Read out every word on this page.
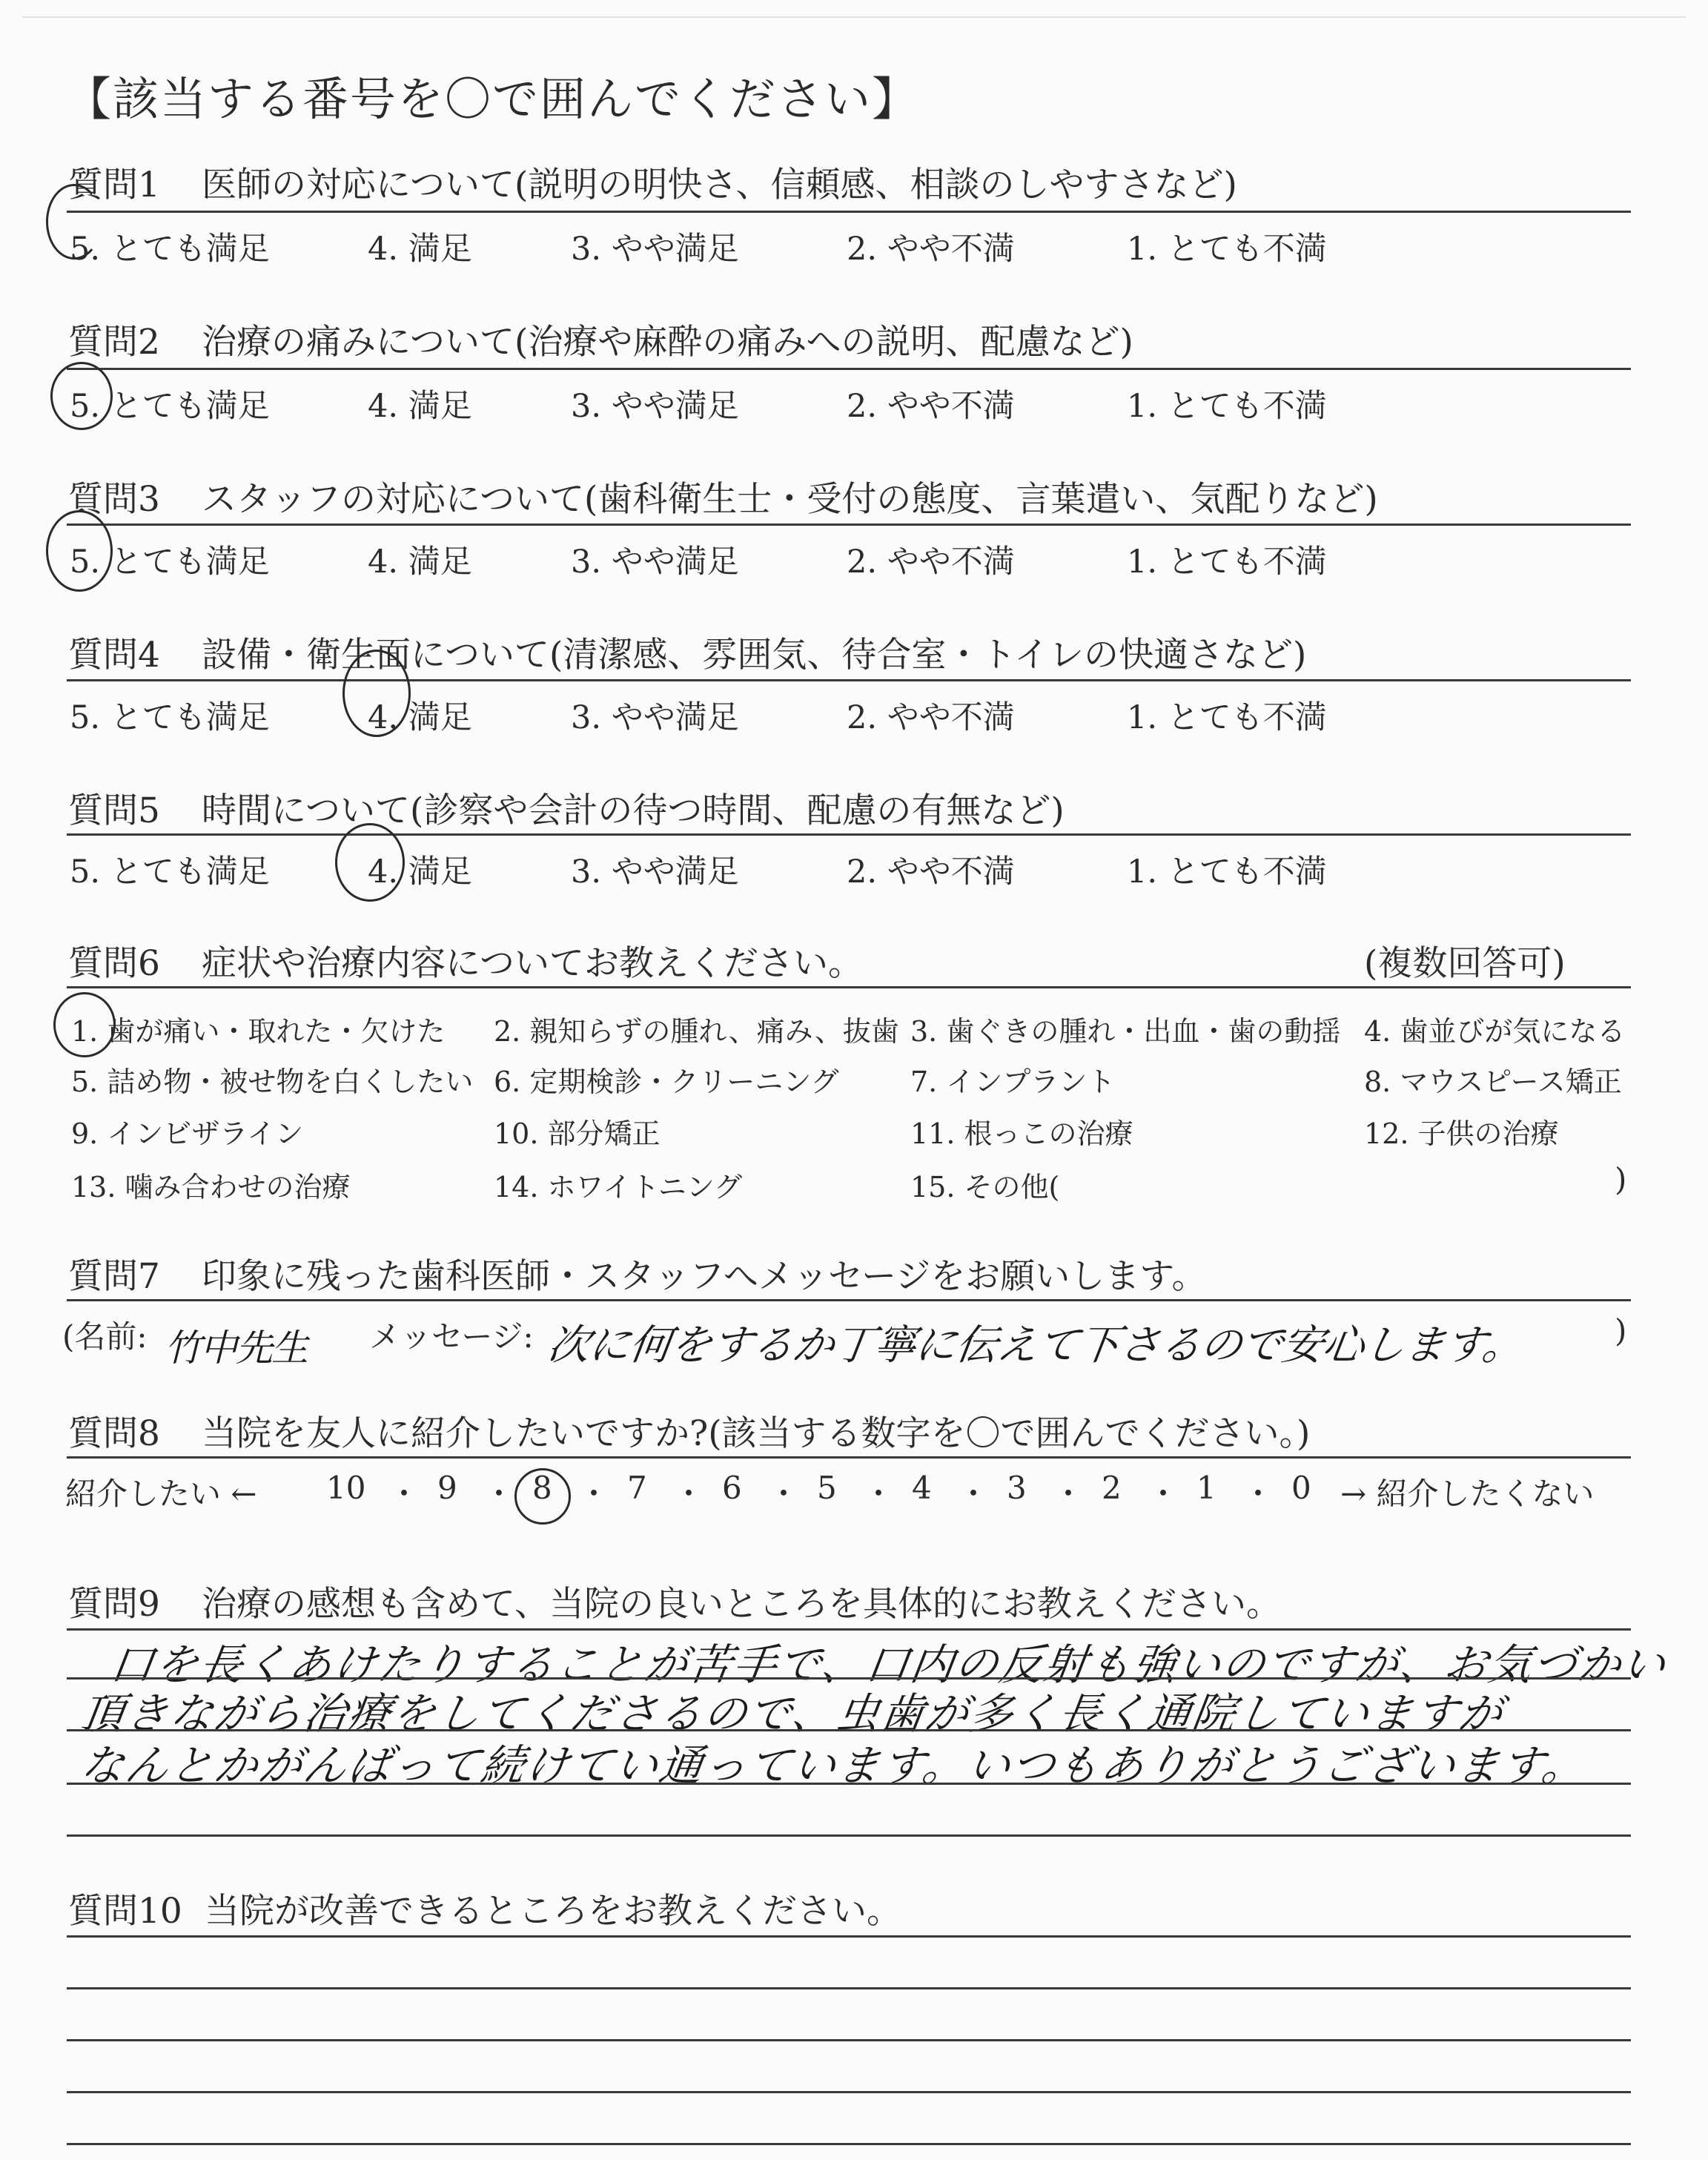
【該当する番号を〇で囲んでください】
質問1 医師の対応について(説明の明快さ、信頼感、相談のしやすさなど)
5. とても満足	4. 満足	3. やや満足	2. やや不満	1. とても不満
質問2 治療の痛みについて(治療や麻酔の痛みへの説明、配慮など)
5. とても満足	4. 満足	3. やや満足	2. やや不満	1. とても不満
質問3 スタッフの対応について(歯科衛生士・受付の態度、言葉遣い、気配りなど)
5. とても満足	4. 満足	3. やや満足	2. やや不満	1. とても不満
質問4 設備・衛生面について(清潔感、雰囲気、待合室・トイレの快適さなど)
5. とても満足	4. 満足	3. やや満足	2. やや不満	1. とても不満
質問5 時間について(診察や会計の待つ時間、配慮の有無など)
5. とても満足	4. 満足	3. やや満足	2. やや不満	1. とても不満
質問6 症状や治療内容についてお教えください。	(複数回答可)
1. 歯が痛い・取れた・欠けた 2. 親知らずの腫れ、痛み、抜歯 3. 歯ぐきの腫れ・出血・歯の動揺 4. 歯並びが気になる
5. 詰め物・被せ物を白くしたい 6. 定期検診・クリーニング	7. インプラント	8. マウスピース矯正
9. インビザライン	10. 部分矯正	11. 根っこの治療	12. 子供の治療
13. 噛み合わせの治療	14. ホワイトニング	15. その他(	)
質問7 印象に残った歯科医師・スタッフへメッセージをお願いします。
(名前: 竹中先生 メッセージ: 次に何をするか丁寧に伝えて下さるので安心します。	)
質問8 当院を友人に紹介したいですか?(該当する数字を〇で囲んでください。)
紹介したい ← 10 ・ 9 ・ 8 ・ 7 ・ 6 ・ 5 ・ 4 ・ 3 ・ 2 ・ 1 ・ 0 → 紹介したくない
質問9 治療の感想も含めて、当院の良いところを具体的にお教えください。
口を長くあけたりすることが苦手で、口内の反射も強いのですが、お気づかい
頂きながら治療をしてくださるので、虫歯が多く長く通院していますが
なんとかがんばって続けてい通っています。いつもありがとうございます。
質問10 当院が改善できるところをお教えください。
